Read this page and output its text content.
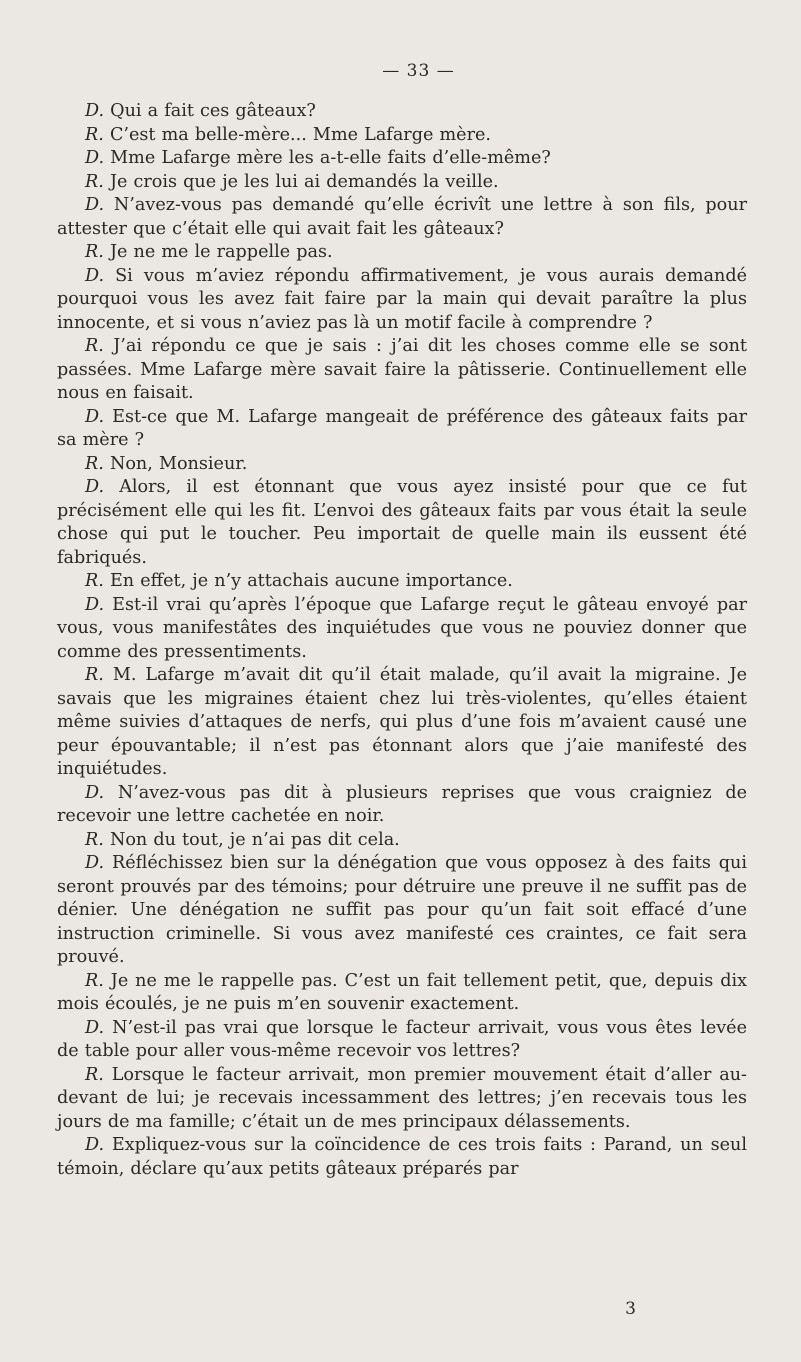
— 33 —

D. Qui a fait ces gâteaux?

R. C’est ma belle-mère... Mme Lafarge mère.

D. Mme Lafarge mère les a-t-elle faits d’elle-même?

R. Je crois que je les lui ai demandés la veille.

D. N’avez-vous pas demandé qu’elle écrivît une lettre à son fils, pour attester que c’était elle qui avait fait les gâteaux?

R. Je ne me le rappelle pas.

D. Si vous m’aviez répondu affirmativement, je vous aurais demandé pourquoi vous les avez fait faire par la main qui devait paraître la plus innocente, et si vous n’aviez pas là un motif facile à comprendre ?

R. J’ai répondu ce que je sais : j’ai dit les choses comme elle se sont passées. Mme Lafarge mère savait faire la pâtisserie. Continuellement elle nous en faisait.

D. Est-ce que M. Lafarge mangeait de préférence des gâteaux faits par sa mère ?

R. Non, Monsieur.

D. Alors, il est étonnant que vous ayez insisté pour que ce fut précisément elle qui les fit. L’envoi des gâteaux faits par vous était la seule chose qui put le toucher. Peu importait de quelle main ils eussent été fabriqués.

R. En effet, je n’y attachais aucune importance.

D. Est-il vrai qu’après l’époque que Lafarge reçut le gâteau envoyé par vous, vous manifestâtes des inquiétudes que vous ne pouviez donner que comme des pressentiments.

R. M. Lafarge m’avait dit qu’il était malade, qu’il avait la migraine. Je savais que les migraines étaient chez lui très-violentes, qu’elles étaient même suivies d’attaques de nerfs, qui plus d’une fois m’avaient causé une peur épouvantable; il n’est pas étonnant alors que j’aie manifesté des inquiétudes.

D. N’avez-vous pas dit à plusieurs reprises que vous craigniez de recevoir une lettre cachetée en noir.

R. Non du tout, je n’ai pas dit cela.

D. Réfléchissez bien sur la dénégation que vous opposez à des faits qui seront prouvés par des témoins; pour détruire une preuve il ne suffit pas de dénier. Une dénégation ne suffit pas pour qu’un fait soit effacé d’une instruction criminelle. Si vous avez manifesté ces craintes, ce fait sera prouvé.

R. Je ne me le rappelle pas. C’est un fait tellement petit, que, depuis dix mois écoulés, je ne puis m’en souvenir exactement.

D. N’est-il pas vrai que lorsque le facteur arrivait, vous vous êtes levée de table pour aller vous-même recevoir vos lettres?

R. Lorsque le facteur arrivait, mon premier mouvement était d’aller au-devant de lui; je recevais incessamment des lettres; j’en recevais tous les jours de ma famille; c’était un de mes principaux délassements.

D. Expliquez-vous sur la coïncidence de ces trois faits : Parand, un seul témoin, déclare qu’aux petits gâteaux préparés par

3
